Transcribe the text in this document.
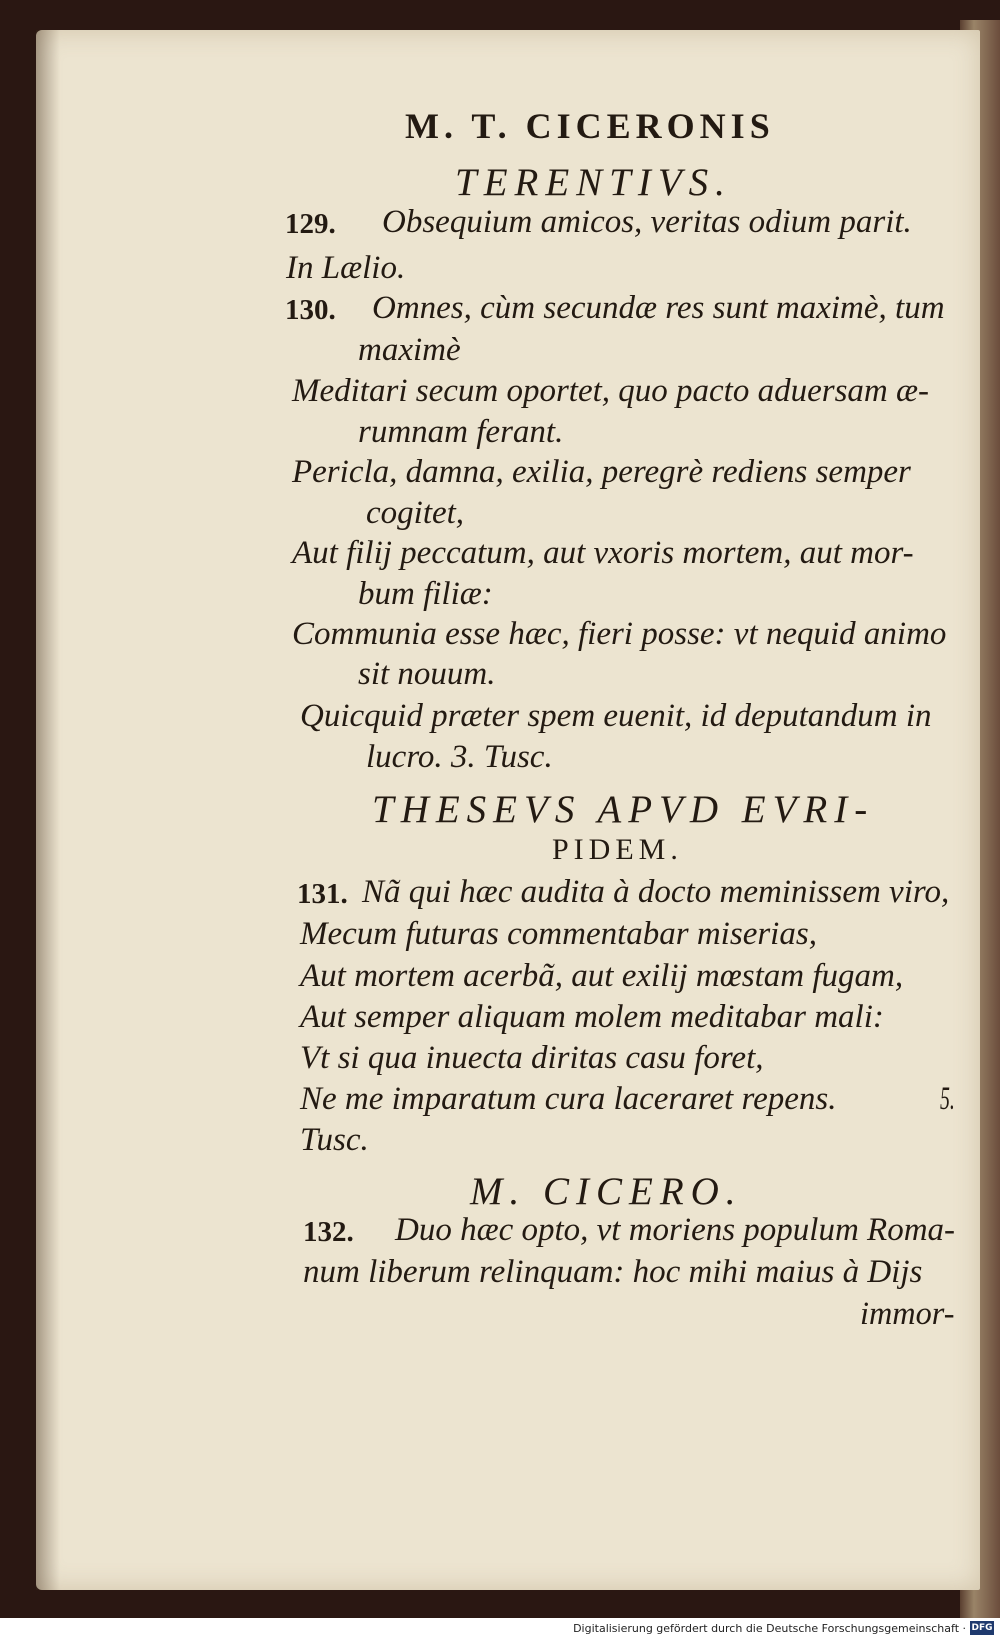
M. T. CICERONIS
TERENTIVS.
129. Obsequium amicos, veritas odium parit.
In Lælio.
130. Omnes, cùm secundæ res sunt maximè, tum
maximè
Meditari secum oportet, quo pacto aduersam æ-
rumnam ferant.
Pericla, damna, exilia, peregrè rediens semper
cogitet,
Aut filij peccatum, aut vxoris mortem, aut mor-
bum filiæ:
Communia esse hæc, fieri posse: vt nequid animo
sit nouum.
Quicquid præter spem euenit, id deputandum in
lucro. 3. Tusc.
THESEVS APVD EVRI-
PIDEM.
131. Nã qui hæc audita à docto meminissem viro,
Mecum futuras commentabar miserias,
Aut mortem acerbã, aut exilij mœstam fugam,
Aut semper aliquam molem meditabar mali:
Vt si qua inuecta diritas casu foret,
Ne me imparatum cura laceraret repens.	5.
Tusc.
M. CICERO.
132. Duo hæc opto, vt moriens populum Roma-
num liberum relinquam: hoc mihi maius à Dijs
immor-
Digitalisierung gefördert durch die Deutsche Forschungsgemeinschaft · DFG
